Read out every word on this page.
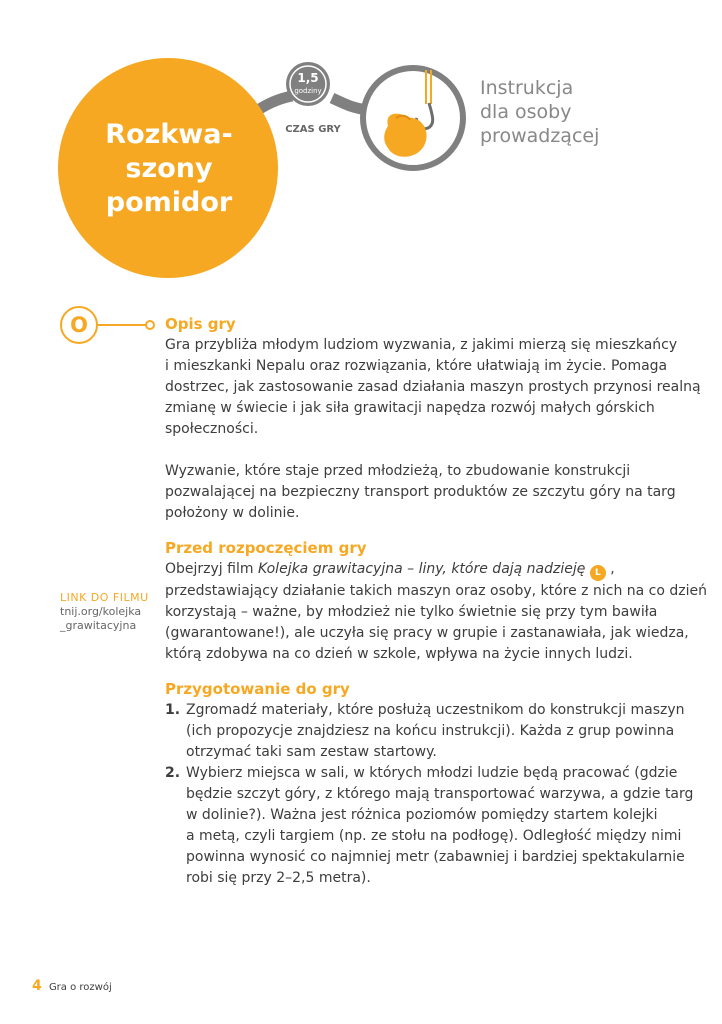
Rozkwa-
szony
pomidor
1,5
godziny
CZAS GRY
Instrukcja
dla osoby
prowadzącej
O	Opis gry

Gra przybliża młodym ludziom wyzwania, z jakimi mierzą się mieszkańcy

i mieszkanki Nepalu oraz rozwiązania, które ułatwiają im życie. Pomaga

dostrzec, jak zastosowanie zasad działania maszyn prostych przynosi realną

zmianę w świecie i jak siła grawitacji napędza rozwój małych górskich

społeczności.

Wyzwanie, które staje przed młodzieżą, to zbudowanie konstrukcji

pozwalającej na bezpieczny transport produktów ze szczytu góry na targ

położony w dolinie.

Przed rozpoczęciem gry

Obejrzyj film Kolejka grawitacyjna – liny, które dają nadzieję L ,

przedstawiający działanie takich maszyn oraz osoby, które z nich na co dzień

korzystają – ważne, by młodzież nie tylko świetnie się przy tym bawiła

(gwarantowane!), ale uczyła się pracy w grupie i zastanawiała, jak wiedza,

którą zdobywa na co dzień w szkole, wpływa na życie innych ludzi.

Przygotowanie do gry
1. Zgromadź materiały, które posłużą uczestnikom do konstrukcji maszyn
(ich propozycje znajdziesz na końcu instrukcji). Każda z grup powinna
otrzymać taki sam zestaw startowy.
2. Wybierz miejsca w sali, w których młodzi ludzie będą pracować (gdzie
będzie szczyt góry, z którego mają transportować warzywa, a gdzie targ
w dolinie?). Ważna jest różnica poziomów pomiędzy startem kolejki
a metą, czyli targiem (np. ze stołu na podłogę). Odległość między nimi
powinna wynosić co najmniej metr (zabawniej i bardziej spektakularnie
robi się przy 2–2,5 metra).
LINK DO FILMU
tnij.org/kolejka
_grawitacyjna
4 Gra o rozwój
